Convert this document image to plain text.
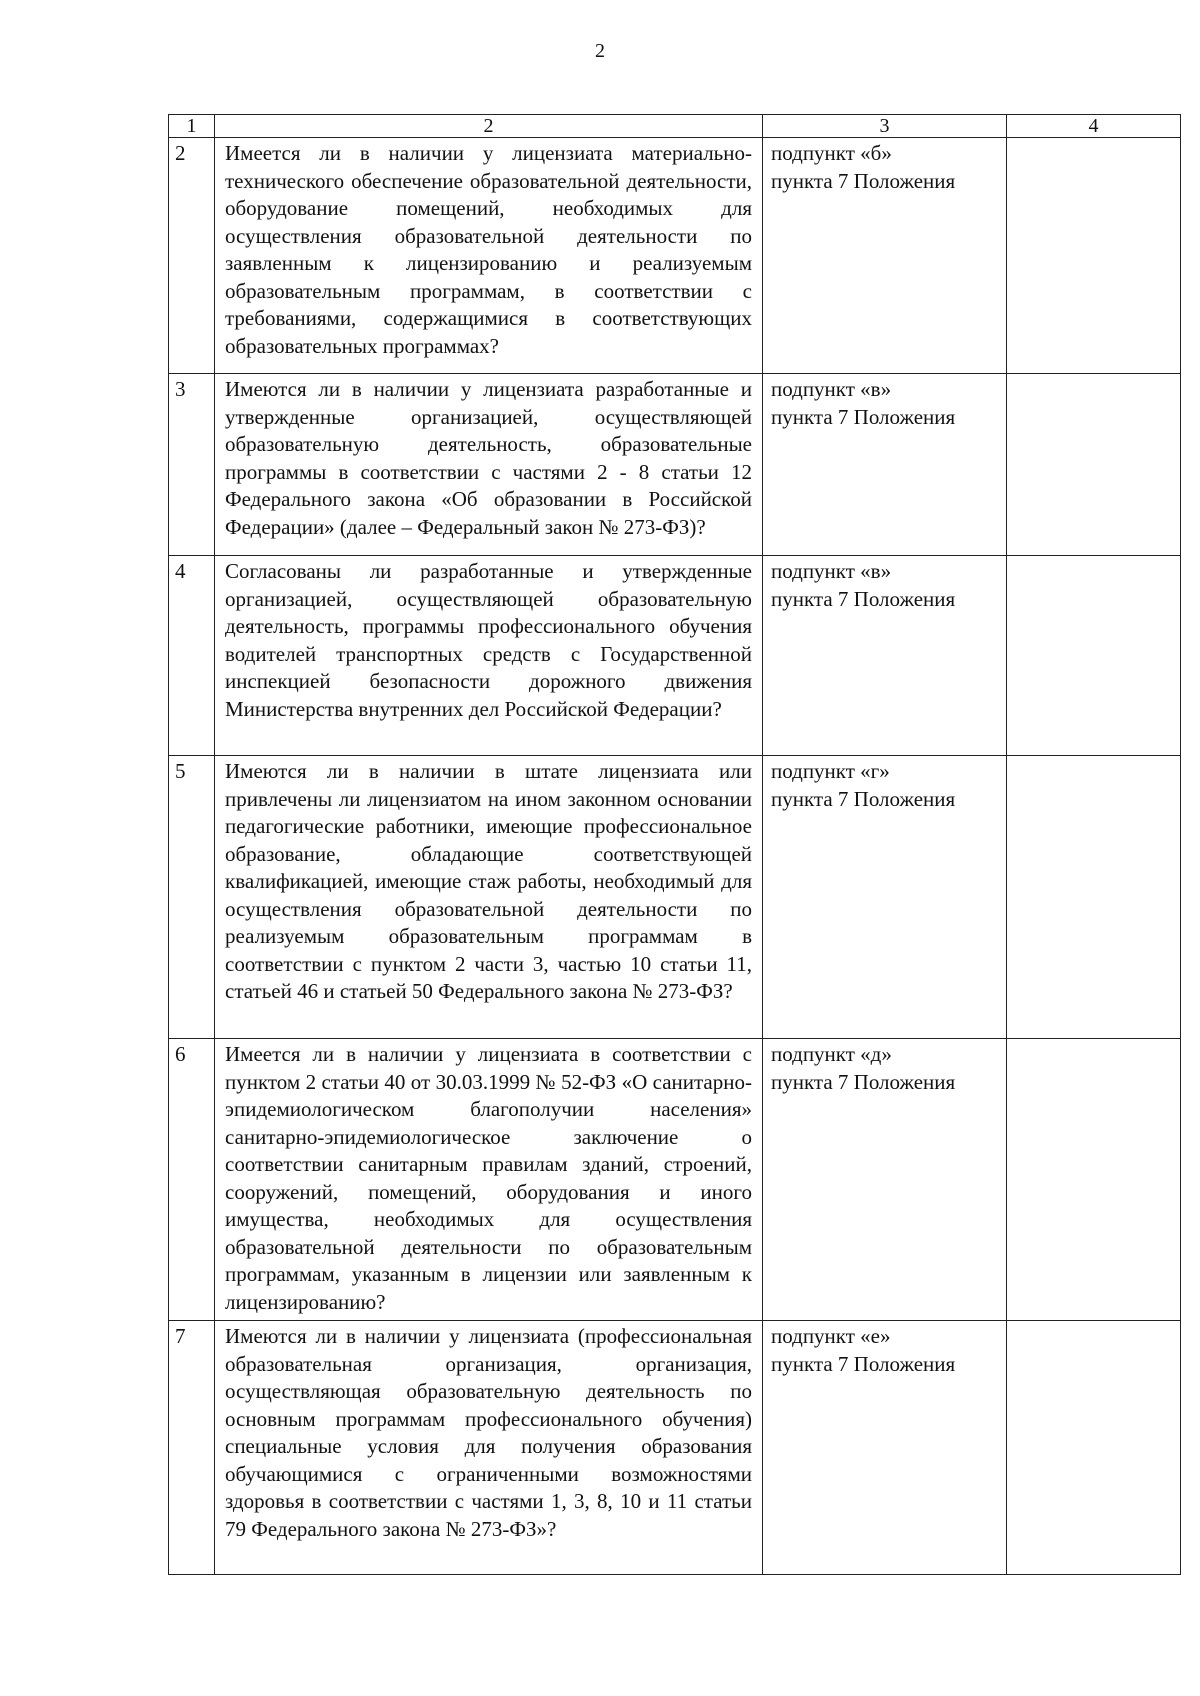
2
1	2	3	4
2	Имеется ли в наличии у лицензиата материально-технического обеспечение образовательной деятельности, оборудование помещений, необходимых для осуществления образовательной деятельности по заявленным к лицензированию и реализуемым образовательным программам, в соответствии с требованиями, содержащимися в соответствующих образовательных программах?	подпункт «б»
пункта 7 Положения	

3	Имеются ли в наличии у лицензиата разработанные и утвержденные организацией, осуществляющей образовательную деятельность, образовательные программы в соответствии с частями 2 - 8 статьи 12 Федерального закона «Об образовании в Российской Федерации» (далее – Федеральный закон № 273-ФЗ)?	подпункт «в»
пункта 7 Положения	

4	Согласованы ли разработанные и утвержденные организацией, осуществляющей образовательную деятельность, программы профессионального обучения водителей транспортных средств с Государственной инспекцией безопасности дорожного движения Министерства внутренних дел Российской Федерации?	подпункт «в»
пункта 7 Положения	

5	Имеются ли в наличии в штате лицензиата или привлечены ли лицензиатом на ином законном основании педагогические работники, имеющие профессиональное образование, обладающие соответствующей квалификацией, имеющие стаж работы, необходимый для осуществления образовательной деятельности по реализуемым образовательным программам в соответствии с пунктом 2 части 3, частью 10 статьи 11, статьей 46 и статьей 50 Федерального закона № 273-ФЗ?	подпункт «г»
пункта 7 Положения	

6	Имеется ли в наличии у лицензиата в соответствии с пунктом 2 статьи 40 от 30.03.1999 № 52-ФЗ «О санитарно-эпидемиологическом благополучии населения» санитарно-эпидемиологическое заключение о соответствии санитарным правилам зданий, строений, сооружений, помещений, оборудования и иного имущества, необходимых для осуществления образовательной деятельности по образовательным программам, указанным в лицензии или заявленным к лицензированию?	подпункт «д»
пункта 7 Положения	

7	Имеются ли в наличии у лицензиата (профессиональная образовательная организация, организация, осуществляющая образовательную деятельность по основным программам профессионального обучения) специальные условия для получения образования обучающимися с ограниченными возможностями здоровья в соответствии с частями 1, 3, 8, 10 и 11 статьи 79 Федерального закона № 273-ФЗ»?	подпункт «е»
пункта 7 Положения	
